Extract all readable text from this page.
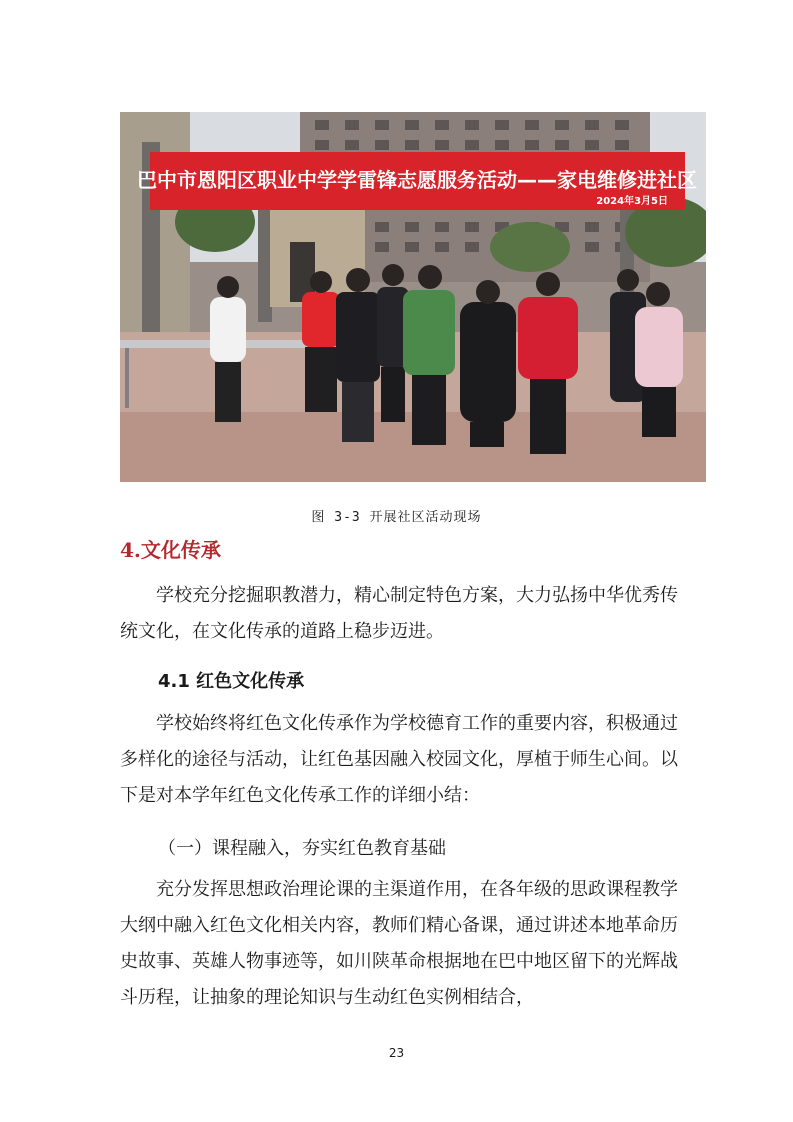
巴中市恩阳区职业中学学雷锋志愿服务活动——家电维修进社区
2024年3月5日
图 3-3 开展社区活动现场
4.文化传承

学校充分挖掘职教潜力，精心制定特色方案，大力弘扬中华优秀传统文化，在文化传承的道路上稳步迈进。

4.1 红色文化传承

学校始终将红色文化传承作为学校德育工作的重要内容，积极通过多样化的途径与活动，让红色基因融入校园文化，厚植于师生心间。以下是对本学年红色文化传承工作的详细小结：

（一）课程融入，夯实红色教育基础

充分发挥思想政治理论课的主渠道作用，在各年级的思政课程教学大纲中融入红色文化相关内容，教师们精心备课，通过讲述本地革命历史故事、英雄人物事迹等，如川陕革命根据地在巴中地区留下的光辉战斗历程，让抽象的理论知识与生动红色实例相结合，

23
